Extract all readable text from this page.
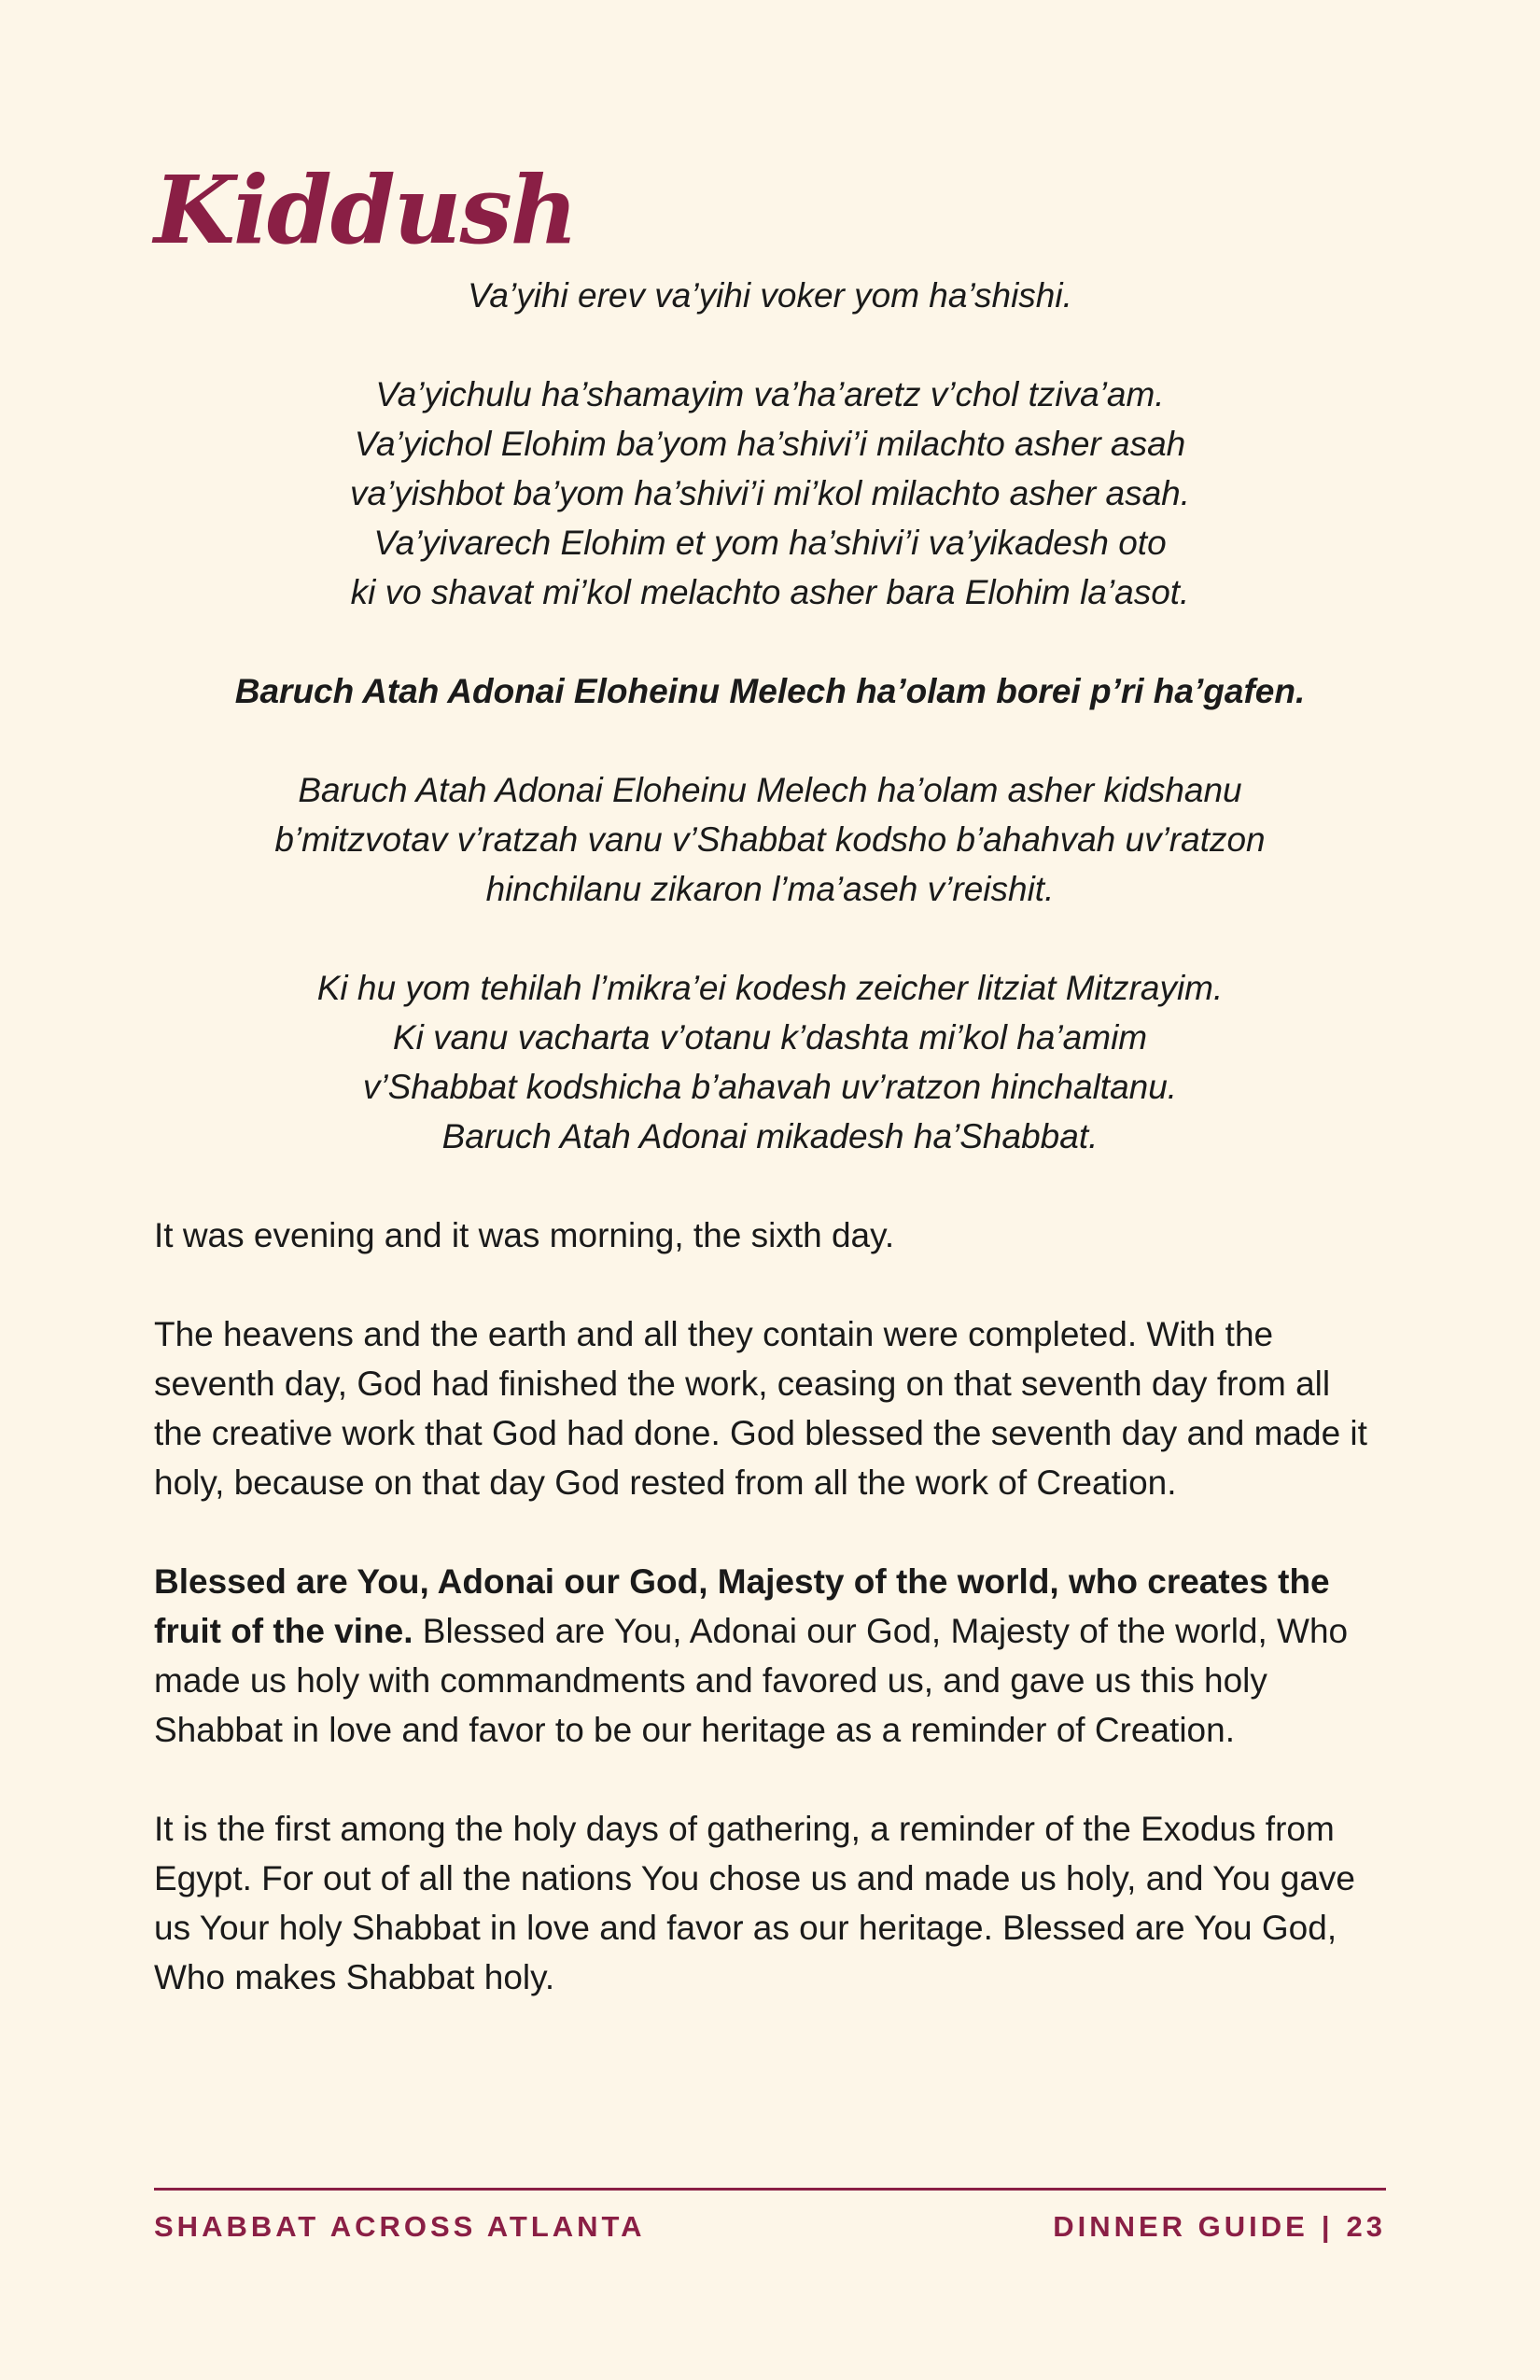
Kiddush
Va’yihi erev va’yihi voker yom ha’shishi.
Va’yichulu ha’shamayim va’ha’aretz v’chol tziva’am.
Va’yichol Elohim ba’yom ha’shivi’i milachto asher asah
va’yishbot ba’yom ha’shivi’i mi’kol milachto asher asah.
Va’yivarech Elohim et yom ha’shivi’i va’yikadesh oto
ki vo shavat mi’kol melachto asher bara Elohim la’asot.
Baruch Atah Adonai Eloheinu Melech ha’olam borei p’ri ha’gafen.
Baruch Atah Adonai Eloheinu Melech ha’olam asher kidshanu
b’mitzvotav v’ratzah vanu v’Shabbat kodsho b’ahahvah uv’ratzon
hinchilanu zikaron l’ma’aseh v’reishit.
Ki hu yom tehilah l’mikra’ei kodesh zeicher litziat Mitzrayim.
Ki vanu vacharta v’otanu k’dashta mi’kol ha’amim
v’Shabbat kodshicha b’ahavah uv’ratzon hinchaltanu.
Baruch Atah Adonai mikadesh ha’Shabbat.

It was evening and it was morning, the sixth day.

The heavens and the earth and all they contain were completed. With the seventh day, God had finished the work, ceasing on that seventh day from all the creative work that God had done. God blessed the seventh day and made it holy, because on that day God rested from all the work of Creation.

Blessed are You, Adonai our God, Majesty of the world, who creates the fruit of the vine. Blessed are You, Adonai our God, Majesty of the world, Who made us holy with commandments and favored us, and gave us this holy Shabbat in love and favor to be our heritage as a reminder of Creation.

It is the first among the holy days of gathering, a reminder of the Exodus from Egypt. For out of all the nations You chose us and made us holy, and You gave us Your holy Shabbat in love and favor as our heritage. Blessed are You God, Who makes Shabbat holy.

SHABBAT ACROSS ATLANTA	DINNER GUIDE | 23
